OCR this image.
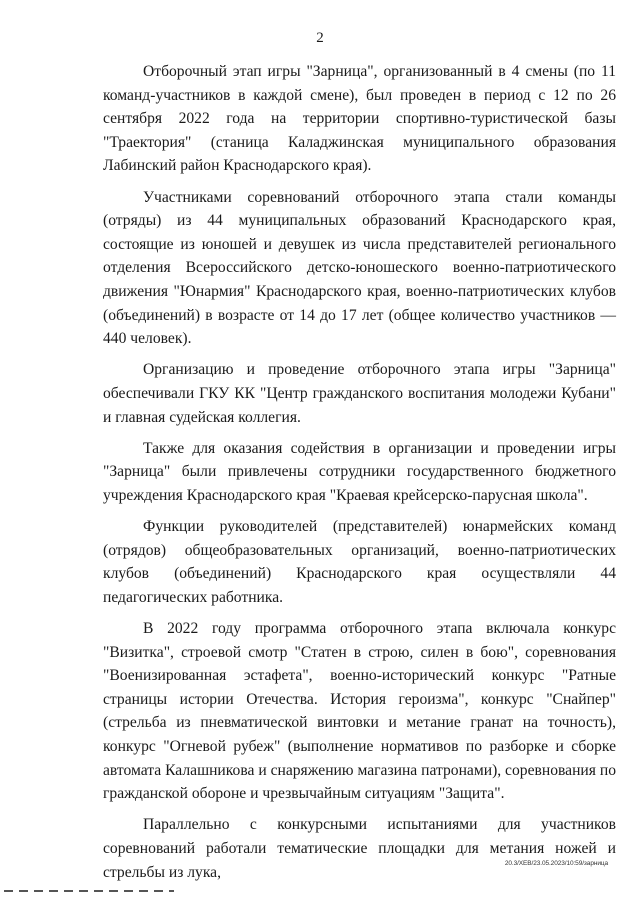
2

Отборочный этап игры "Зарница", организованный в 4 смены (по 11 команд-участников в каждой смене), был проведен в период с 12 по 26 сентября 2022 года на территории спортивно-туристической базы "Траектория" (станица Каладжинская муниципального образования Лабинский район Краснодарского края).

Участниками соревнований отборочного этапа стали команды (отряды) из 44 муниципальных образований Краснодарского края, состоящие из юношей и девушек из числа представителей регионального отделения Всероссийского детско-юношеского военно-патриотического движения "Юнармия" Краснодарского края, военно-патриотических клубов (объединений) в возрасте от 14 до 17 лет (общее количество участников — 440 человек).

Организацию и проведение отборочного этапа игры "Зарница" обеспечивали ГКУ КК "Центр гражданского воспитания молодежи Кубани" и главная судейская коллегия.

Также для оказания содействия в организации и проведении игры "Зарница" были привлечены сотрудники государственного бюджетного учреждения Краснодарского края "Краевая крейсерско-парусная школа".

Функции руководителей (представителей) юнармейских команд (отрядов) общеобразовательных организаций, военно-патриотических клубов (объединений) Краснодарского края осуществляли 44 педагогических работника.

В 2022 году программа отборочного этапа включала конкурс "Визитка", строевой смотр "Статен в строю, силен в бою", соревнования "Военизированная эстафета", военно-исторический конкурс "Ратные страницы истории Отечества. История героизма", конкурс "Снайпер" (стрельба из пневматической винтовки и метание гранат на точность), конкурс "Огневой рубеж" (выполнение нормативов по разборке и сборке автомата Калашникова и снаряжению магазина патронами), соревнования по гражданской обороне и чрезвычайным ситуациям "Защита".

Параллельно с конкурсными испытаниями для участников соревнований работали тематические площадки для метания ножей и стрельбы из лука,

20.3/ХЕВ/23.05.2023/10:59/зарница
